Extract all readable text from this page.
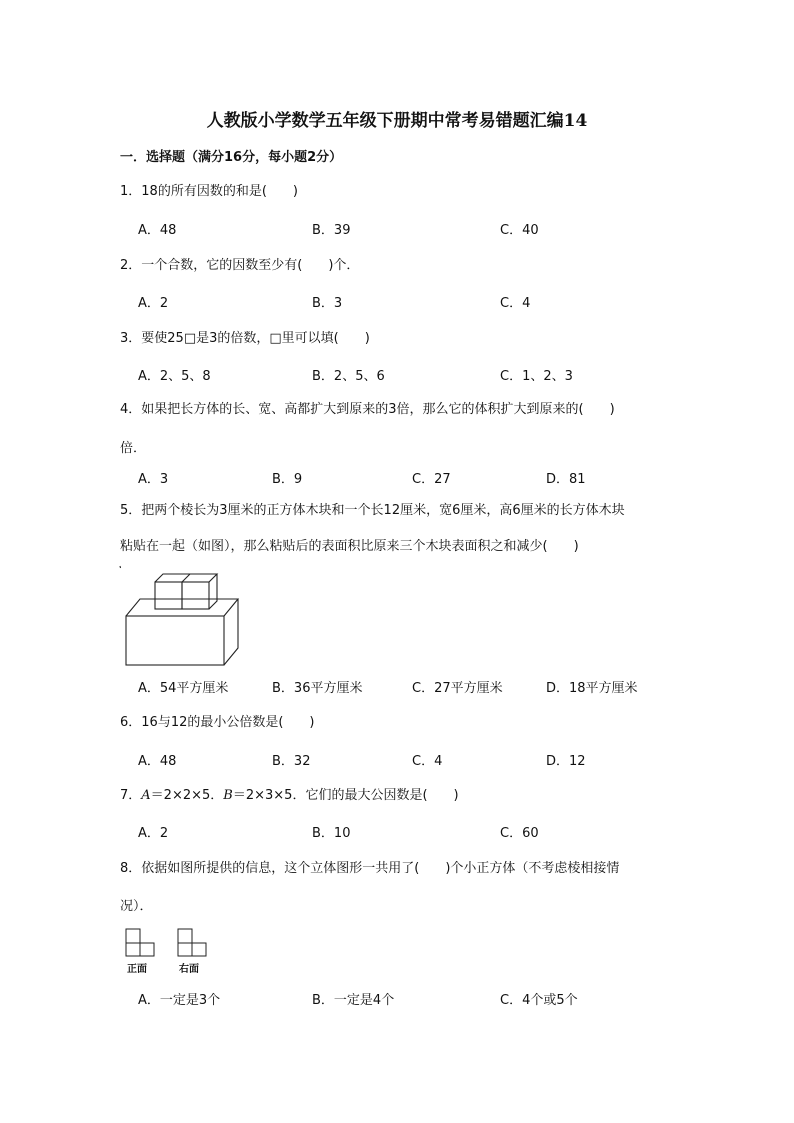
人教版小学数学五年级下册期中常考易错题汇编14
一．选择题（满分16分，每小题2分）
1．18的所有因数的和是(　　)
A．48	B．39	C．40
2．一个合数，它的因数至少有(　　)个．
A．2	B．3	C．4
3．要使25□是3的倍数，□里可以填(　　)
A．2、5、8	B．2、5、6	C．1、2、3
4．如果把长方体的长、宽、高都扩大到原来的3倍，那么它的体积扩大到原来的(　　)
倍．
A．3	B．9	C．27	D．81
5．把两个棱长为3厘米的正方体木块和一个长12厘米，宽6厘米，高6厘米的长方体木块
粘贴在一起（如图），那么粘贴后的表面积比原来三个木块表面积之和减少(　　)
A．54平方厘米	B．36平方厘米	C．27平方厘米	D．18平方厘米
6．16与12的最小公倍数是(　　)
A．48	B．32	C．4	D．12
7．A＝2×2×5．B＝2×3×5．它们的最大公因数是(　　)
A．2	B．10	C．60
8．依据如图所提供的信息，这个立体图形一共用了(　　)个小正方体（不考虑棱相接情
况）．
正面	右面
A．一定是3个	B．一定是4个	C．4个或5个
